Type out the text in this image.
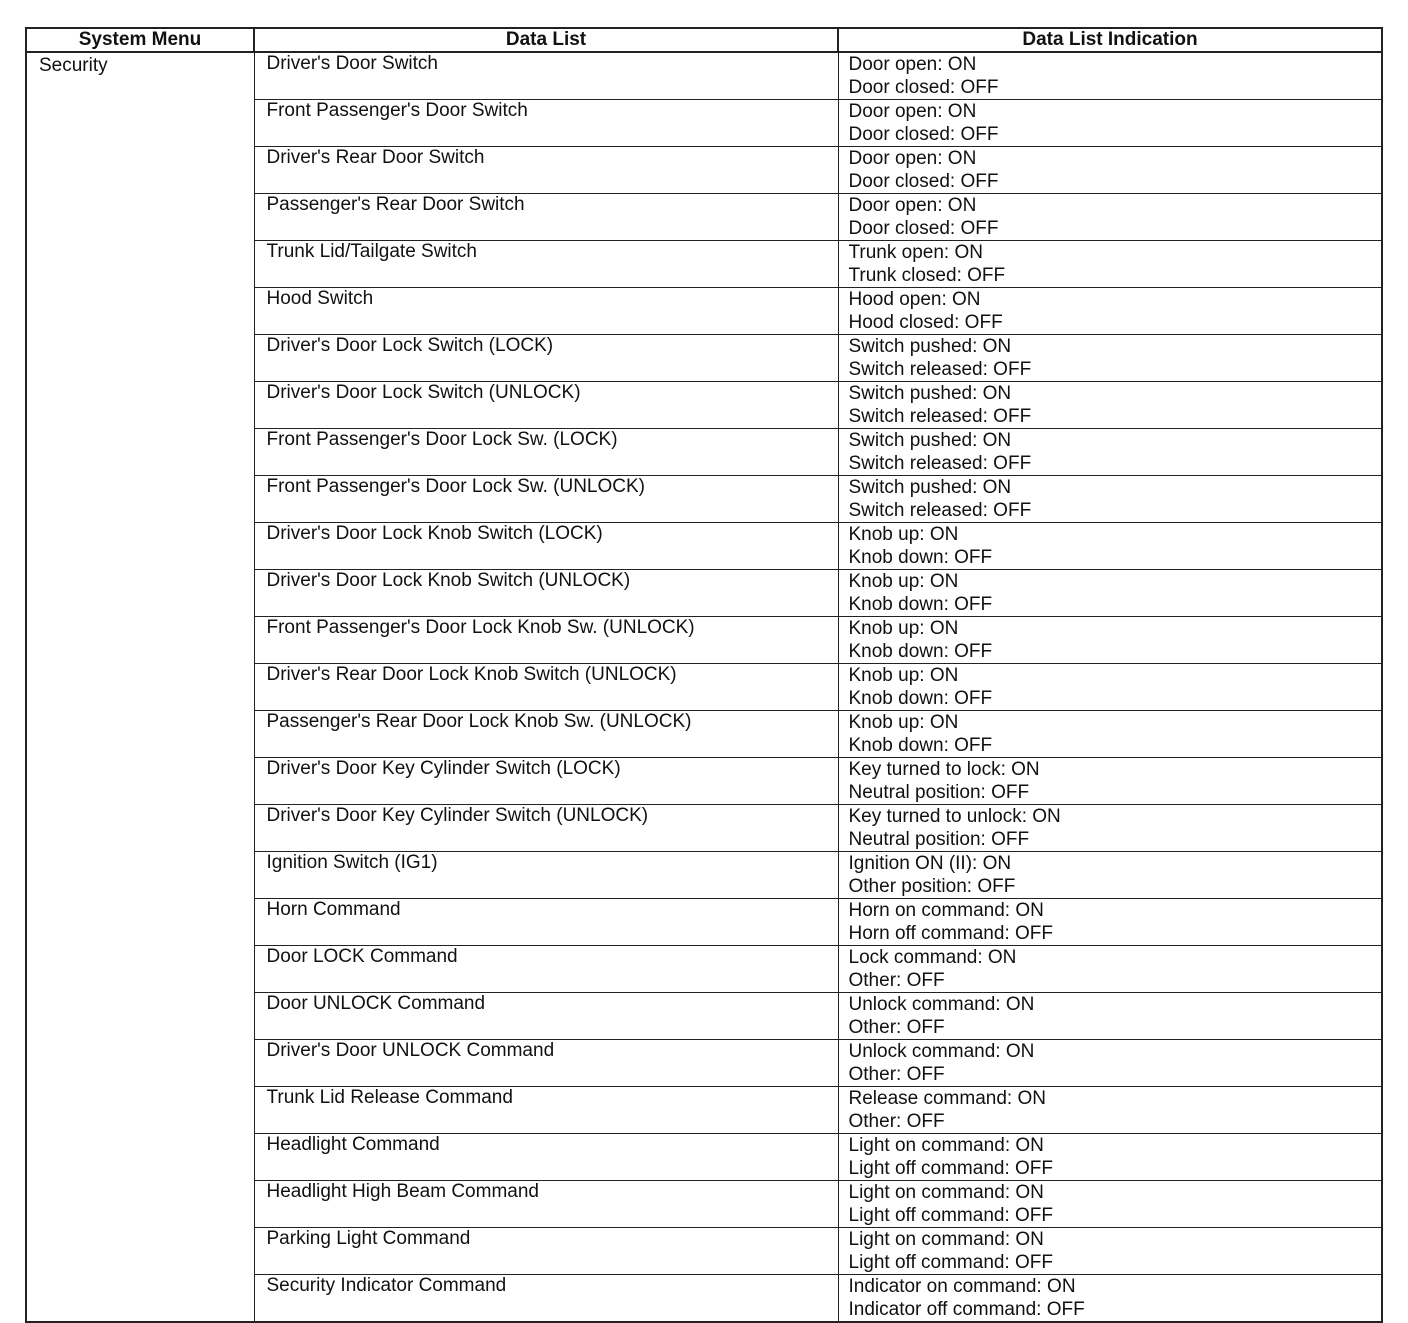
System Menu	Data List	Data List Indication
Security	Driver's Door Switch	Door open: ON
Door closed: OFF

	Front Passenger's Door Switch	Door open: ON
Door closed: OFF

	Driver's Rear Door Switch	Door open: ON
Door closed: OFF

	Passenger's Rear Door Switch	Door open: ON
Door closed: OFF

	Trunk Lid/Tailgate Switch	Trunk open: ON
Trunk closed: OFF

	Hood Switch	Hood open: ON
Hood closed: OFF

	Driver's Door Lock Switch (LOCK)	Switch pushed: ON
Switch released: OFF

	Driver's Door Lock Switch (UNLOCK)	Switch pushed: ON
Switch released: OFF

	Front Passenger's Door Lock Sw. (LOCK)	Switch pushed: ON
Switch released: OFF

	Front Passenger's Door Lock Sw. (UNLOCK)	Switch pushed: ON
Switch released: OFF

	Driver's Door Lock Knob Switch (LOCK)	Knob up: ON
Knob down: OFF

	Driver's Door Lock Knob Switch (UNLOCK)	Knob up: ON
Knob down: OFF

	Front Passenger's Door Lock Knob Sw. (UNLOCK)	Knob up: ON
Knob down: OFF

	Driver's Rear Door Lock Knob Switch (UNLOCK)	Knob up: ON
Knob down: OFF

	Passenger's Rear Door Lock Knob Sw. (UNLOCK)	Knob up: ON
Knob down: OFF

	Driver's Door Key Cylinder Switch (LOCK)	Key turned to lock: ON
Neutral position: OFF

	Driver's Door Key Cylinder Switch (UNLOCK)	Key turned to unlock: ON
Neutral position: OFF

	Ignition Switch (IG1)	Ignition ON (II): ON
Other position: OFF

	Horn Command	Horn on command: ON
Horn off command: OFF

	Door LOCK Command	Lock command: ON
Other: OFF

	Door UNLOCK Command	Unlock command: ON
Other: OFF

	Driver's Door UNLOCK Command	Unlock command: ON
Other: OFF

	Trunk Lid Release Command	Release command: ON
Other: OFF

	Headlight Command	Light on command: ON
Light off command: OFF

	Headlight High Beam Command	Light on command: ON
Light off command: OFF

	Parking Light Command	Light on command: ON
Light off command: OFF

	Security Indicator Command	Indicator on command: ON
Indicator off command: OFF
